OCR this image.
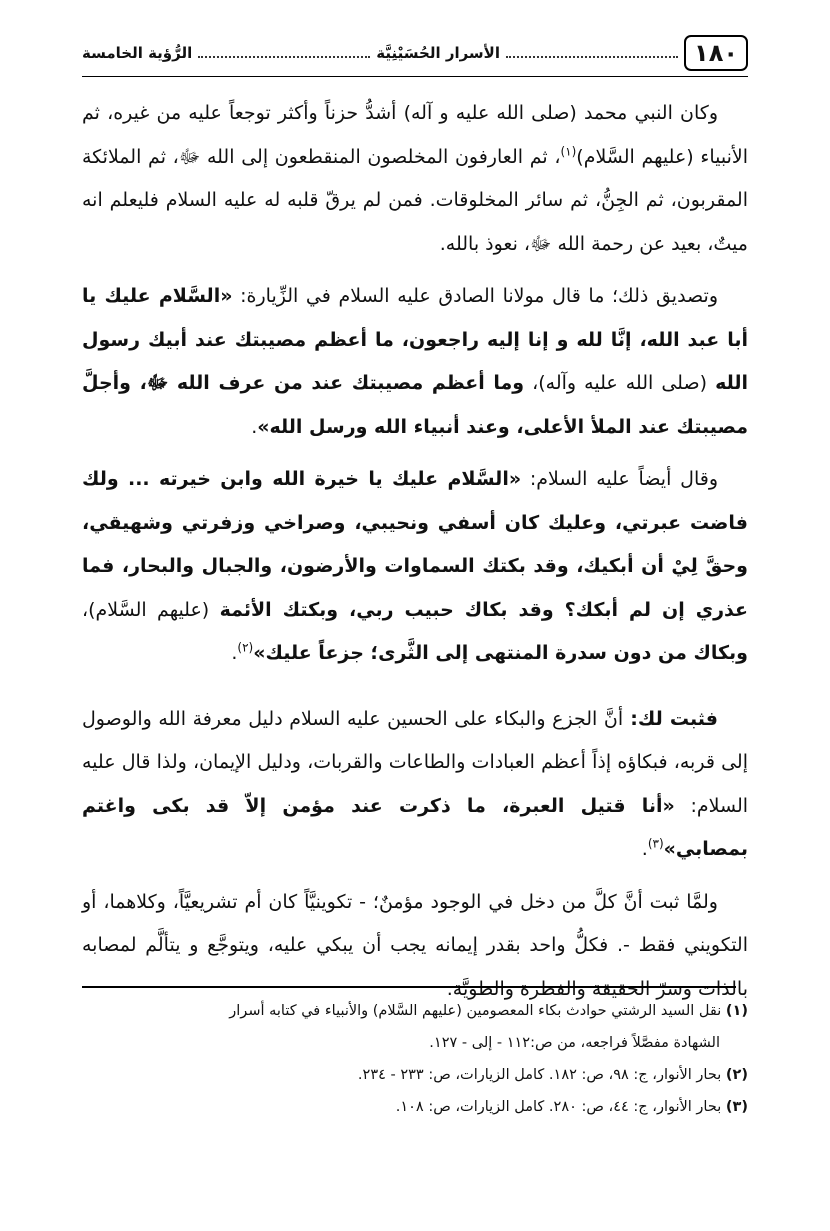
١٨٠
الأسرار الحُسَيْنِيَّة
الرُّؤية الخامسة

وكان النبي محمد (صلى الله عليه و آله) أشدُّ حزناً وأكثر توجعاً عليه من غيره، ثم الأنبياء (عليهم السَّلام)$^{(١)}$، ثم العارفون المخلصون المنقطعون إلى الله ﷻ، ثم الملائكة المقربون، ثم الجِنُّ، ثم سائر المخلوقات. فمن لم يرقّ قلبه له عليه السلام فليعلم انه ميتٌ، بعيد عن رحمة الله ﷻ، نعوذ بالله.

وتصديق ذلك؛ ما قال مولانا الصادق عليه السلام في الزِّيارة: «السَّلام عليك يا أبا عبد الله، إنَّا لله و إنا إليه راجعون، ما أعظم مصيبتك عند أبيك رسول الله (صلى الله عليه وآله)، وما أعظم مصيبتك عند من عرف الله ﷻ، وأجلَّ مصيبتك عند الملأ الأعلى، وعند أنبياء الله ورسل الله».

وقال أيضاً عليه السلام: «السَّلام عليك يا خيرة الله وابن خيرته ... ولك فاضت عبرتي، وعليك كان أسفي ونحيبي، وصراخي وزفرتي وشهيقي، وحقَّ لِيْ أن أبكيك، وقد بكتك السماوات والأرضون، والجبال والبحار، فما عذري إن لم أبكك؟ وقد بكاك حبيب ربي، وبكتك الأئمة (عليهم السَّلام)، وبكاك من دون سدرة المنتهى إلى الثَّرى؛ جزعاً عليك»$^{(٢)}$.

فثبت لك: أنَّ الجزع والبكاء على الحسين عليه السلام دليل معرفة الله والوصول إلى قربه، فبكاؤه إذاً أعظم العبادات والطاعات والقربات، ودليل الإيمان، ولذا قال عليه السلام: «أنا قتيل العبرة، ما ذكرت عند مؤمن إلاّ قد بكى واغتم بمصابي»$^{(٣)}$.

ولمَّا ثبت أنَّ كلَّ من دخل في الوجود مؤمنٌ؛ - تكوينيَّاً كان أم تشريعيَّاً، وكلاهما، أو التكويني فقط -. فكلُّ واحد بقدر إيمانه يجب أن يبكي عليه، ويتوجَّع و يتألَّم لمصابه بالذات وسرّ الحقيقة والفطرة والطويَّة.

(١) نقل السيد الرشتي حوادث بكاء المعصومين (عليهم السَّلام) والأنبياء في كتابه أسرار
الشهادة مفصَّلاً فراجعه، من ص:١١٢ - إلى - ١٢٧.
(٢) بحار الأنوار، ج: ٩٨، ص: ١٨٢. كامل الزيارات، ص: ٢٣٣ - ٢٣٤.
(٣) بحار الأنوار، ج: ٤٤، ص: ٢٨٠. كامل الزيارات، ص: ١٠٨.
